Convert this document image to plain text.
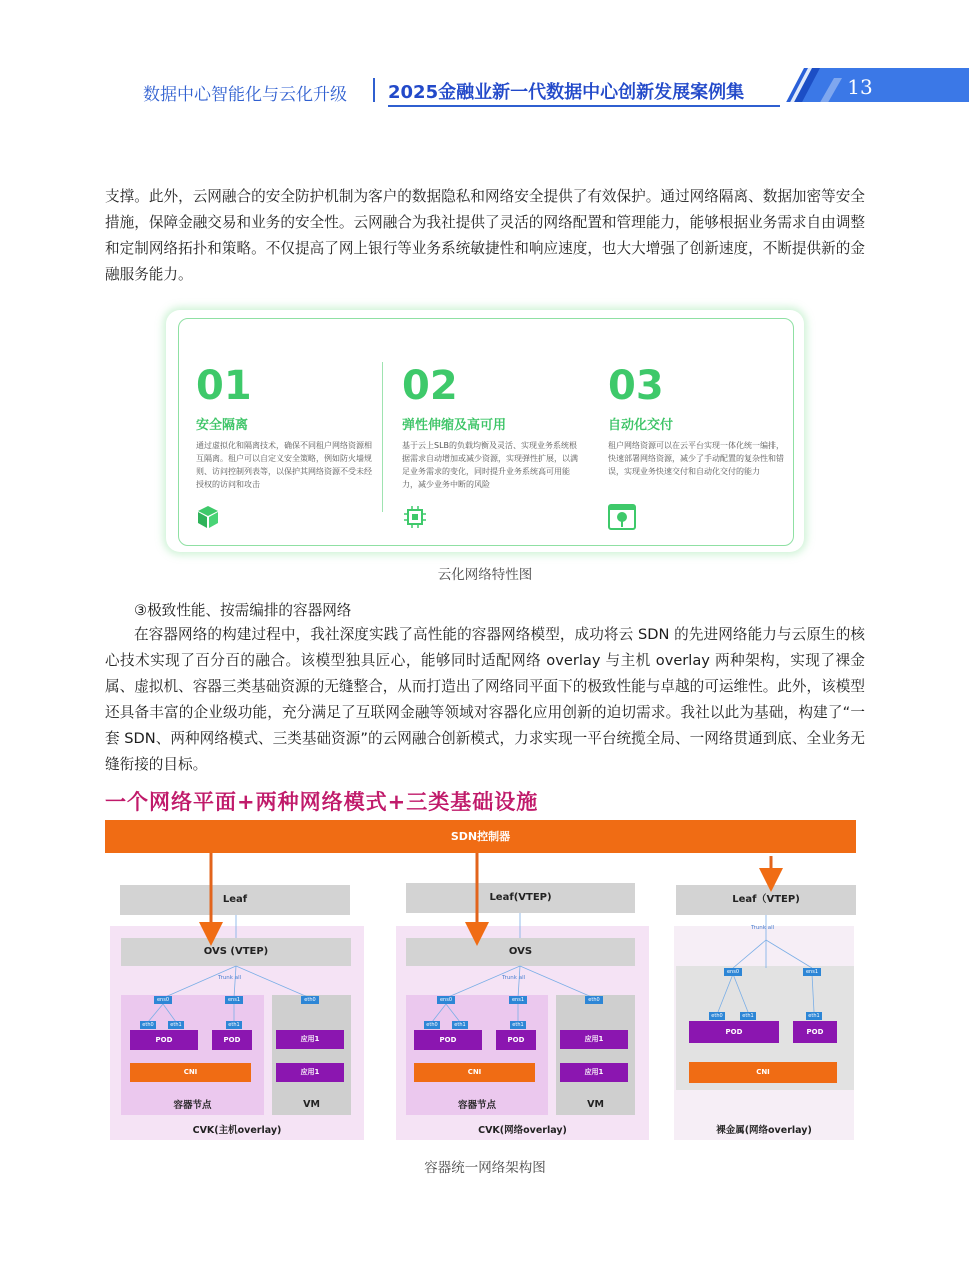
数据中心智能化与云化升级 2025金融业新一代数据中心创新发展案例集	13

支撑。此外，云网融合的安全防护机制为客户的数据隐私和网络安全提供了有效保护。通过网络隔离、数据加密等安全措施，保障金融交易和业务的安全性。云网融合为我社提供了灵活的网络配置和管理能力，能够根据业务需求自由调整和定制网络拓扑和策略。不仅提高了网上银行等业务系统敏捷性和响应速度，也大大增强了创新速度，不断提供新的金融服务能力。

01
安全隔离
通过虚拟化和隔离技术，确保不同租户网络资源相互隔离。租户可以自定义安全策略，例如防火墙规则、访问控制列表等，以保护其网络资源不受未经授权的访问和攻击
02
弹性伸缩及高可用
基于云上SLB的负载均衡及灵活、实现业务系统根据需求自动增加或减少资源，实现弹性扩展，以满足业务需求的变化，同时提升业务系统高可用能力，减少业务中断的风险
03
自动化交付
租户网络资源可以在云平台实现一体化统一编排，快速部署网络资源，减少了手动配置的复杂性和错误，实现业务快速交付和自动化交付的能力
云化网络特性图

③极致性能、按需编排的容器网络

在容器网络的构建过程中，我社深度实践了高性能的容器网络模型，成功将云 SDN 的先进网络能力与云原生的核心技术实现了百分百的融合。该模型独具匠心，能够同时适配网络 overlay 与主机 overlay 两种架构，实现了裸金属、虚拟机、容器三类基础资源的无缝整合，从而打造出了网络同平面下的极致性能与卓越的可运维性。此外，该模型还具备丰富的企业级功能，充分满足了互联网金融等领域对容器化应用创新的迫切需求。我社以此为基础，构建了“一套 SDN、两种网络模式、三类基础资源”的云网融合创新模式，力求实现一平台统揽全局、一网络贯通到底、全业务无缝衔接的目标。

一个网络平面+两种网络模式+三类基础设施
SDN控制器
Leaf	Leaf(VTEP)	Leaf（VTEP)
OVS (VTEP)	OVS
Trunk all	Trunk all
Trunk all
ens0	ens1	eth0
eth0	eth1	eth1
POD	POD
CNI
应用1
应用1
容器节点	VM
CVK(主机overlay)
ens0	ens1	eth0
eth0	eth1	eth1
POD	POD
CNI
应用1
应用1
容器节点	VM
CVK(网络overlay)
ens0	ens1
eth0	eth1	eth1
POD	POD
CNI
裸金属(网络overlay)
容器统一网络架构图
